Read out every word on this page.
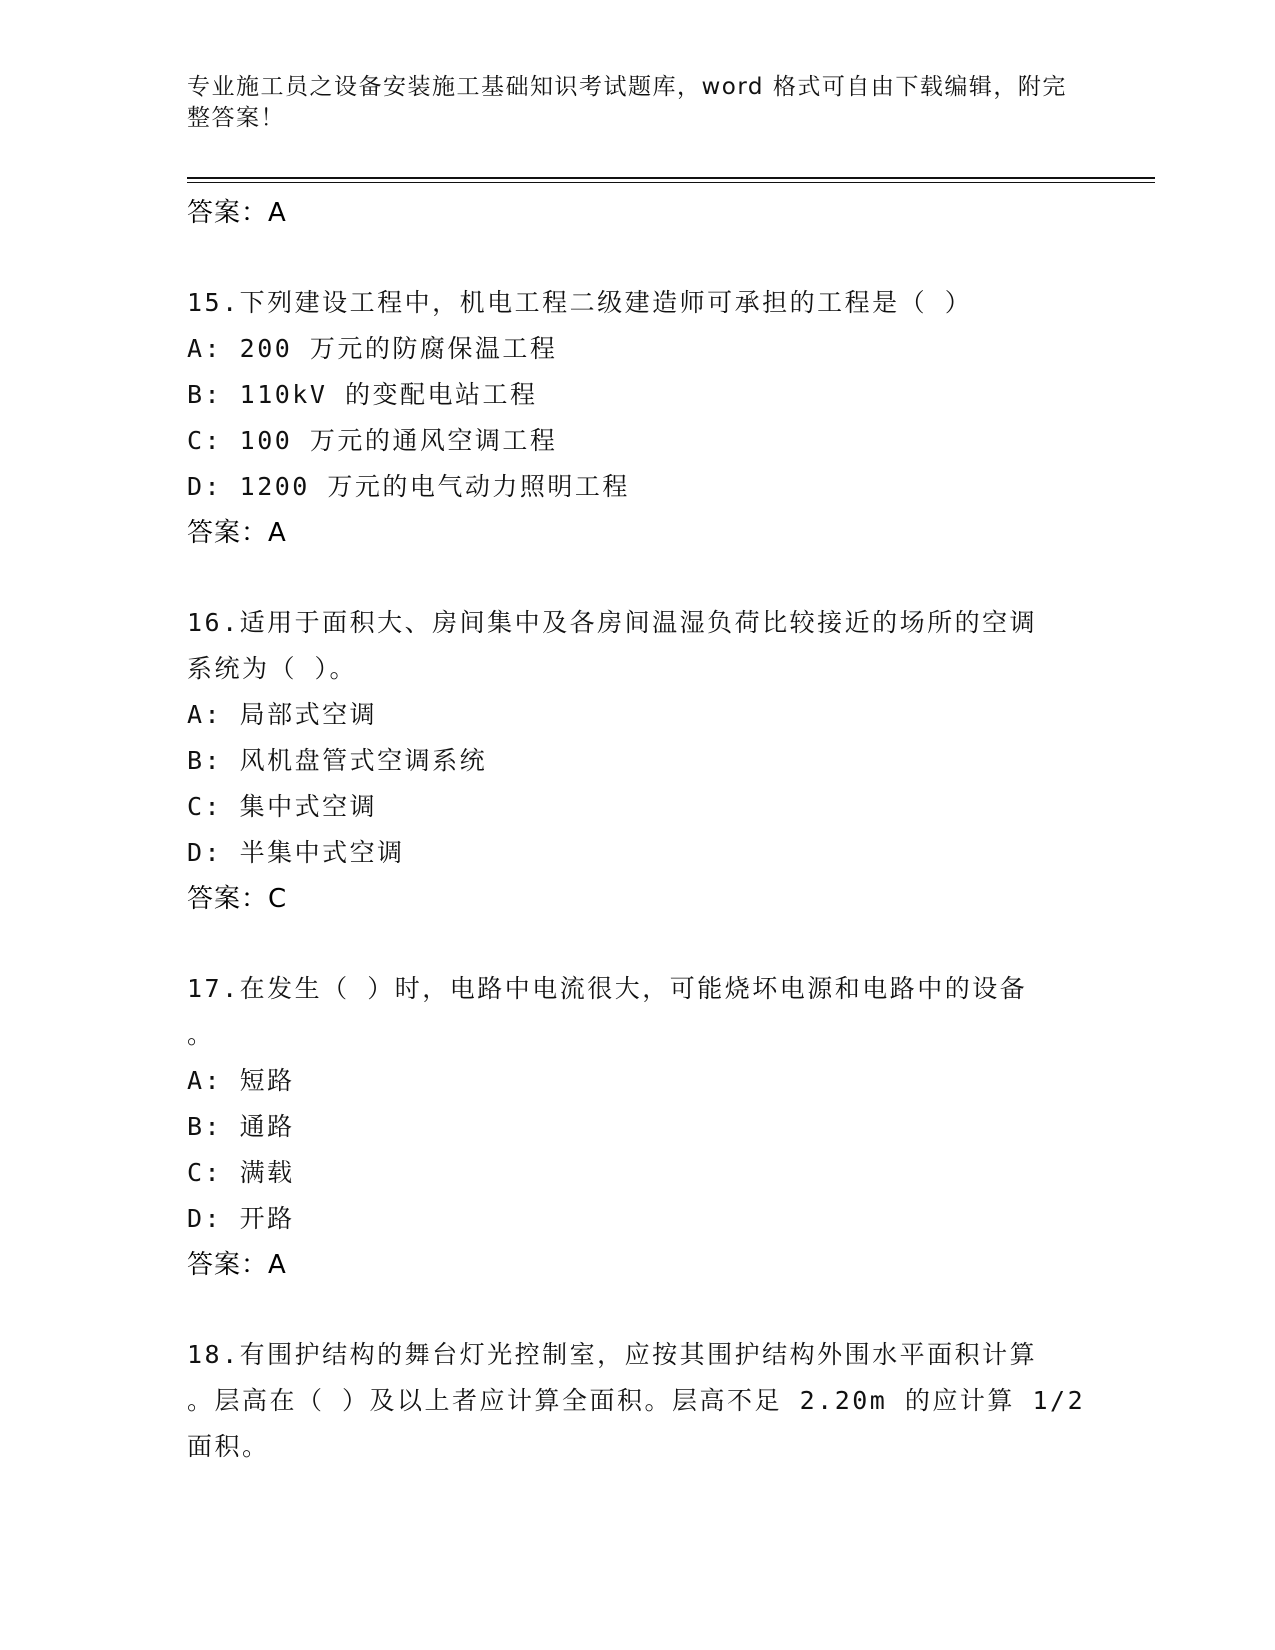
专业施工员之设备安装施工基础知识考试题库，word 格式可自由下载编辑，附完
整答案！
答案：A
15.下列建设工程中，机电工程二级建造师可承担的工程是（ ）
A: 200 万元的防腐保温工程
B: 110kV 的变配电站工程
C: 100 万元的通风空调工程
D: 1200 万元的电气动力照明工程
答案：A
16.适用于面积大、房间集中及各房间温湿负荷比较接近的场所的空调
系统为（ ）。
A: 局部式空调
B: 风机盘管式空调系统
C: 集中式空调
D: 半集中式空调
答案：C
17.在发生（ ）时，电路中电流很大，可能烧坏电源和电路中的设备
。
A: 短路
B: 通路
C: 满载
D: 开路
答案：A
18.有围护结构的舞台灯光控制室，应按其围护结构外围水平面积计算
。层高在（ ）及以上者应计算全面积。层高不足 2.20m 的应计算 1/2
面积。
